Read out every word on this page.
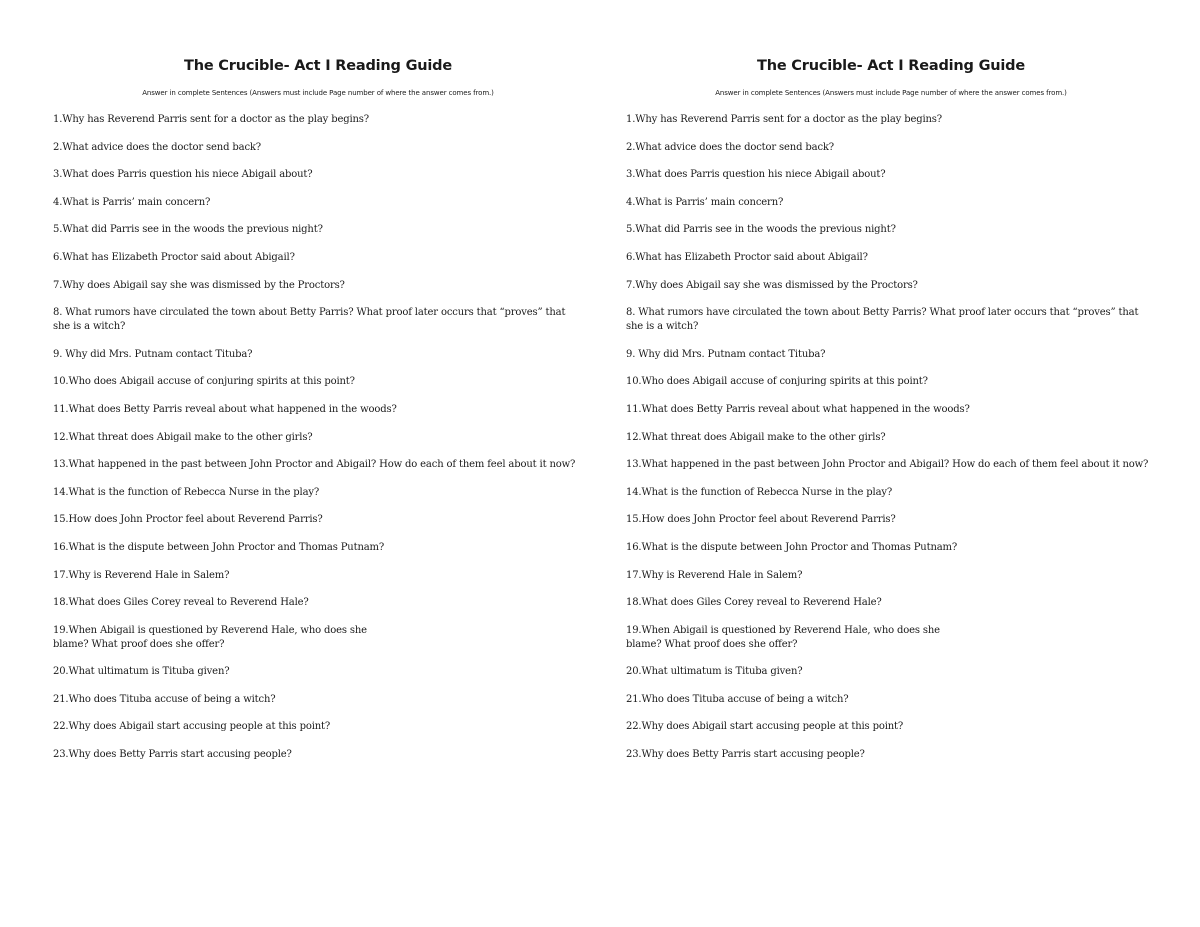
The Crucible- Act I Reading Guide
Answer in complete Sentences (Answers must include Page number of where the answer comes from.)
1.Why has Reverend Parris sent for a doctor as the play begins?
2.What advice does the doctor send back?
3.What does Parris question his niece Abigail about?
4.What is Parris’ main concern?
5.What did Parris see in the woods the previous night?
6.What has Elizabeth Proctor said about Abigail?
7.Why does Abigail say she was dismissed by the Proctors?
8. What rumors have circulated the town about Betty Parris? What proof later occurs that “proves” that she is a witch?
9. Why did Mrs. Putnam contact Tituba?
10.Who does Abigail accuse of conjuring spirits at this point?
11.What does Betty Parris reveal about what happened in the woods?
12.What threat does Abigail make to the other girls?
13.What happened in the past between John Proctor and Abigail? How do each of them feel about it now?
14.What is the function of Rebecca Nurse in the play?
15.How does John Proctor feel about Reverend Parris?
16.What is the dispute between John Proctor and Thomas Putnam?
17.Why is Reverend Hale in Salem?
18.What does Giles Corey reveal to Reverend Hale?
19.When Abigail is questioned by Reverend Hale, who does she
blame? What proof does she offer?
20.What ultimatum is Tituba given?
21.Who does Tituba accuse of being a witch?
22.Why does Abigail start accusing people at this point?
23.Why does Betty Parris start accusing people?
The Crucible- Act I Reading Guide
Answer in complete Sentences (Answers must include Page number of where the answer comes from.)
1.Why has Reverend Parris sent for a doctor as the play begins?
2.What advice does the doctor send back?
3.What does Parris question his niece Abigail about?
4.What is Parris’ main concern?
5.What did Parris see in the woods the previous night?
6.What has Elizabeth Proctor said about Abigail?
7.Why does Abigail say she was dismissed by the Proctors?
8. What rumors have circulated the town about Betty Parris? What proof later occurs that “proves” that she is a witch?
9. Why did Mrs. Putnam contact Tituba?
10.Who does Abigail accuse of conjuring spirits at this point?
11.What does Betty Parris reveal about what happened in the woods?
12.What threat does Abigail make to the other girls?
13.What happened in the past between John Proctor and Abigail? How do each of them feel about it now?
14.What is the function of Rebecca Nurse in the play?
15.How does John Proctor feel about Reverend Parris?
16.What is the dispute between John Proctor and Thomas Putnam?
17.Why is Reverend Hale in Salem?
18.What does Giles Corey reveal to Reverend Hale?
19.When Abigail is questioned by Reverend Hale, who does she
blame? What proof does she offer?
20.What ultimatum is Tituba given?
21.Who does Tituba accuse of being a witch?
22.Why does Abigail start accusing people at this point?
23.Why does Betty Parris start accusing people?
